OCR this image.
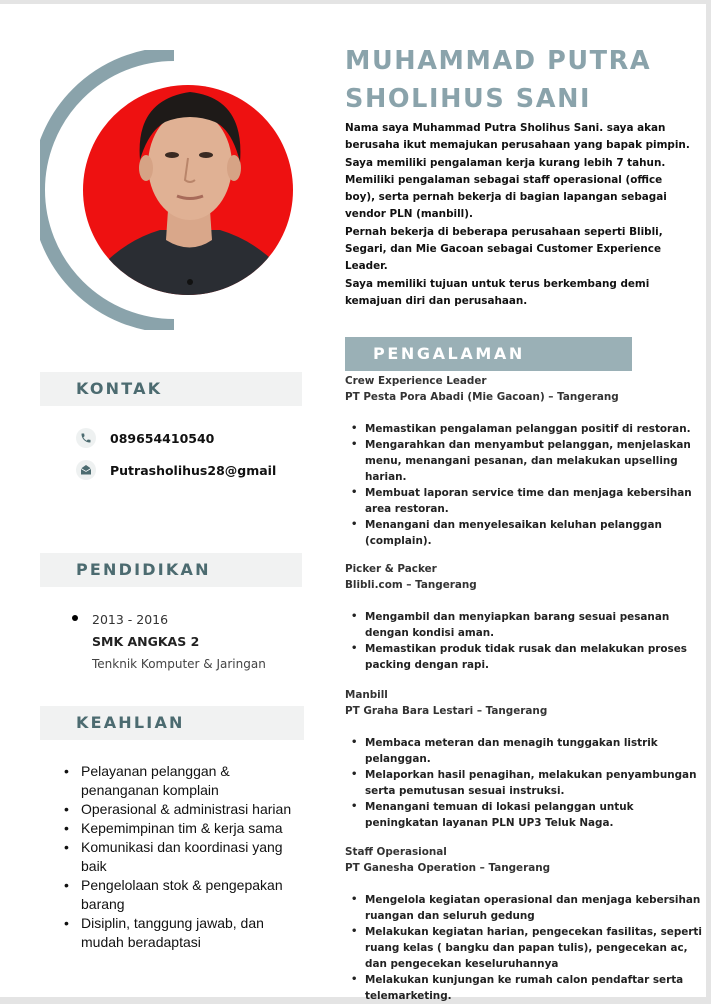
KONTAK
089654410540
Putrasholihus28@gmail
PENDIDIKAN
2013 - 2016
SMK ANGKAS 2
Tenknik Komputer & Jaringan
KEAHLIAN
• Pelayanan pelanggan & penanganan komplain
• Operasional & administrasi harian
• Kepemimpinan tim & kerja sama
• Komunikasi dan koordinasi yang baik
• Pengelolaan stok & pengepakan barang
• Disiplin, tanggung jawab, dan mudah beradaptasi
MUHAMMAD PUTRA
SHOLIHUS SANI

Nama saya Muhammad Putra Sholihus Sani. saya akan berusaha ikut memajukan perusahaan yang bapak pimpin.

Saya memiliki pengalaman kerja kurang lebih 7 tahun.

Memiliki pengalaman sebagai staff operasional (office boy), serta pernah bekerja di bagian lapangan sebagai vendor PLN (manbill).

Pernah bekerja di beberapa perusahaan seperti Blibli, Segari, dan Mie Gacoan sebagai Customer Experience Leader.

Saya memiliki tujuan untuk terus berkembang demi kemajuan diri dan perusahaan.

PENGALAMAN
Crew Experience Leader
PT Pesta Pora Abadi (Mie Gacoan) – Tangerang
• Memastikan pengalaman pelanggan positif di restoran.
• Mengarahkan dan menyambut pelanggan, menjelaskan menu, menangani pesanan, dan melakukan upselling harian.
• Membuat laporan service time dan menjaga kebersihan area restoran.
• Menangani dan menyelesaikan keluhan pelanggan (complain).
Picker & Packer
Blibli.com – Tangerang
• Mengambil dan menyiapkan barang sesuai pesanan dengan kondisi aman.
• Memastikan produk tidak rusak dan melakukan proses packing dengan rapi.
Manbill
PT Graha Bara Lestari – Tangerang
• Membaca meteran dan menagih tunggakan listrik pelanggan.
• Melaporkan hasil penagihan, melakukan penyambungan serta pemutusan sesuai instruksi.
• Menangani temuan di lokasi pelanggan untuk peningkatan layanan PLN UP3 Teluk Naga.
Staff Operasional
PT Ganesha Operation – Tangerang
• Mengelola kegiatan operasional dan menjaga kebersihan ruangan dan seluruh gedung
• Melakukan kegiatan harian, pengecekan fasilitas, seperti ruang kelas ( bangku dan papan tulis), pengecekan ac, dan pengecekan keseluruhannya
• Melakukan kunjungan ke rumah calon pendaftar serta telemarketing.
